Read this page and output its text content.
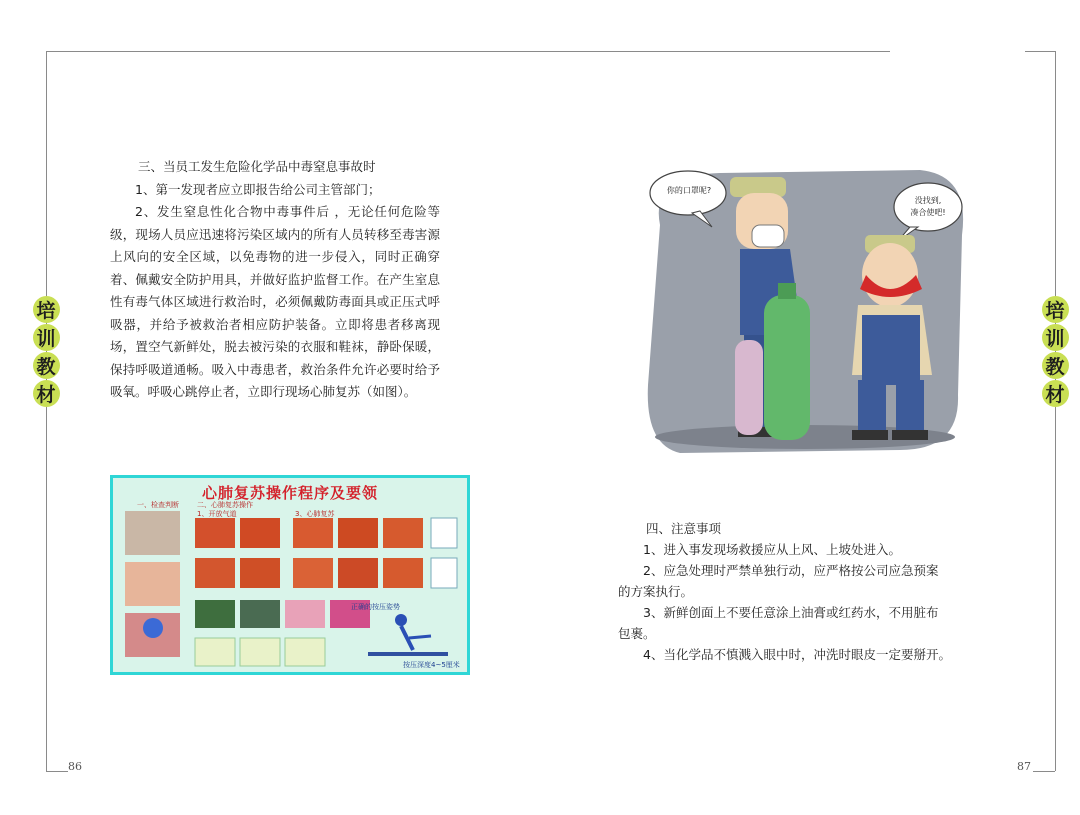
86
培
训
教
材

三、当员工发生危险化学品中毒窒息事故时

1、第一发现者应立即报告给公司主管部门；

2、发生窒息性化合物中毒事件后 ，无论任何危险等级，现场人员应迅速将污染区域内的所有人员转移至毒害源上风向的安全区域，以免毒物的进一步侵入，同时正确穿着、佩戴安全防护用具，并做好监护监督工作。在产生室息性有毒气体区域进行救治时，必须佩戴防毒面具或正压式呼吸器，并给予被救治者相应防护装备。立即将患者移离现场，置空气新鲜处，脱去被污染的衣服和鞋袜，静卧保暖，保持呼吸道通畅。吸入中毒患者，救治条件允许必要时给予吸氧。呼吸心跳停止者，立即行现场心肺复苏（如图）。

心肺复苏操作程序及要领
一、检查判断	二、心肺复苏操作
1、开放气道	3、心肺复苏
正确的按压姿势
按压深度4~5厘米
87
培
训
教
材
你的口罩呢?
没找到,
凑合使吧!

四、注意事项

1、进入事发现场救援应从上风、上坡处进入。

2、应急处理时严禁单独行动，应严格按公司应急预案

的方案执行。

3、新鲜创面上不要任意涂上油膏或红药水，不用脏布

包裹。

4、当化学品不慎溅入眼中时，冲洗时眼皮一定要掰开。
